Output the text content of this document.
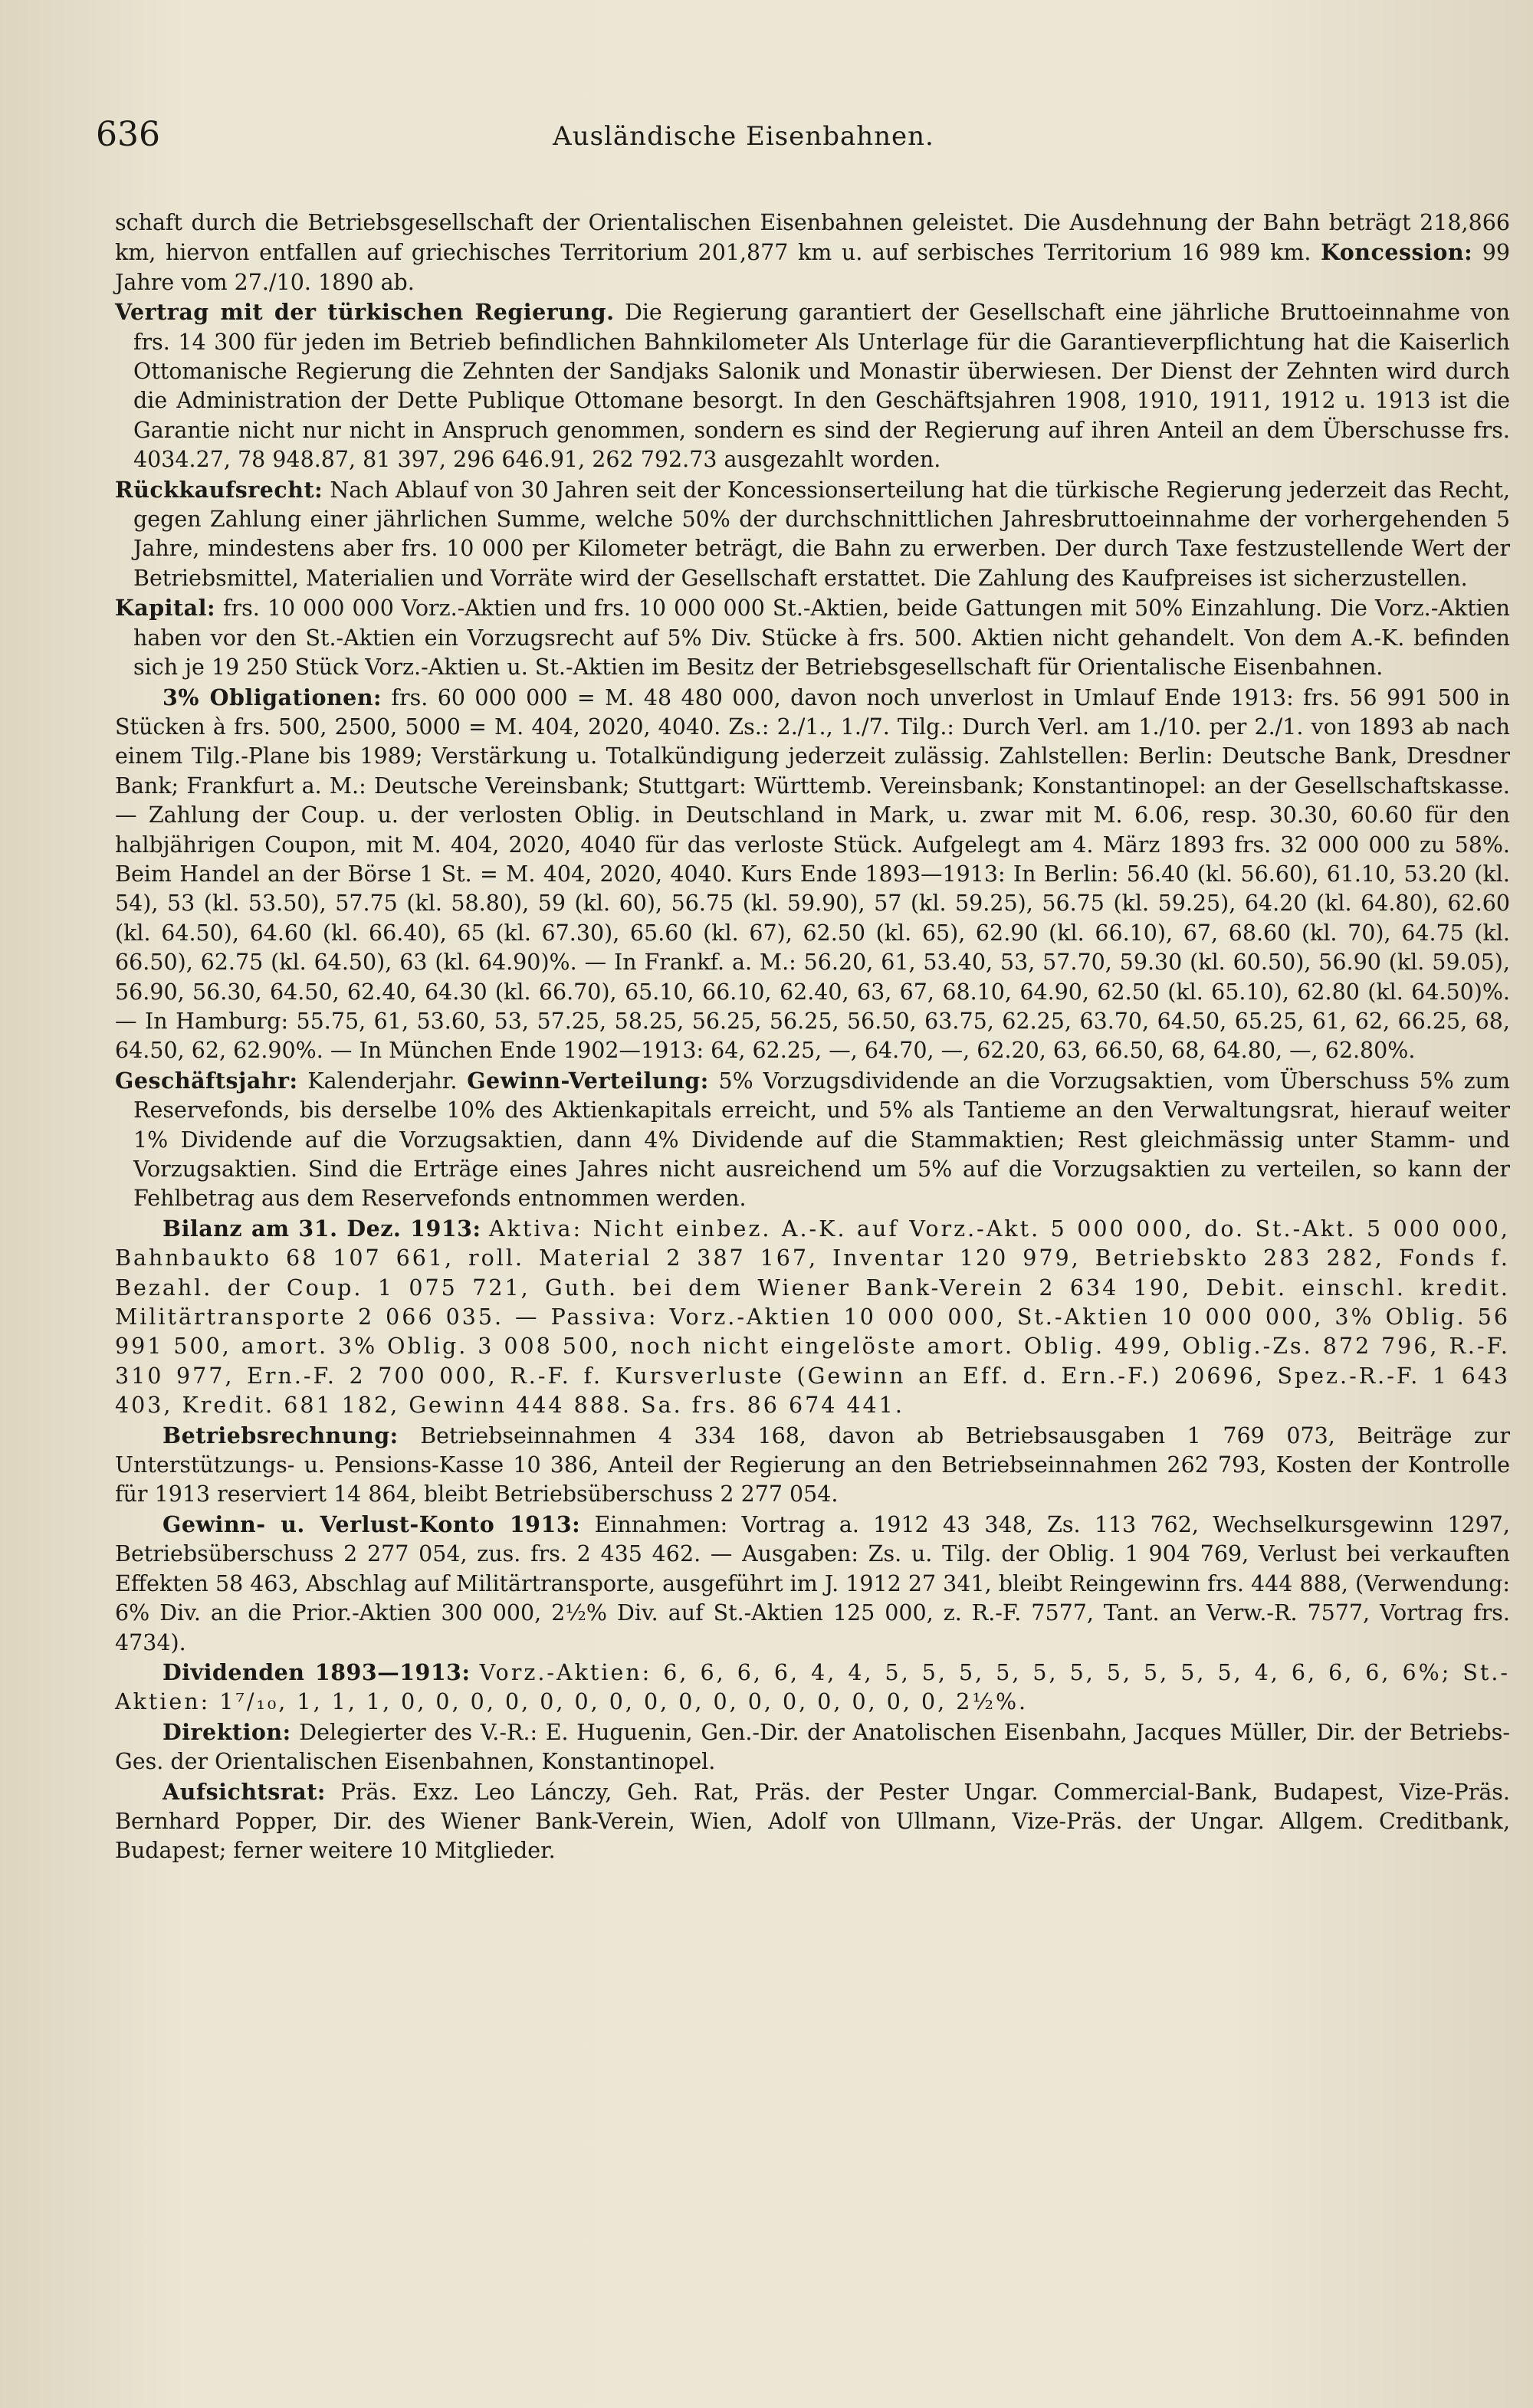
636	Ausländische Eisenbahnen.

schaft durch die Betriebsgesellschaft der Orientalischen Eisenbahnen geleistet. Die Ausdehnung der Bahn beträgt 218,866 km, hiervon entfallen auf griechisches Territorium 201,877 km u. auf serbisches Territorium 16 989 km. Koncession: 99 Jahre vom 27./10. 1890 ab.

Vertrag mit der türkischen Regierung. Die Regierung garantiert der Gesellschaft eine jährliche Bruttoeinnahme von frs. 14 300 für jeden im Betrieb befindlichen Bahnkilometer Als Unterlage für die Garantieverpflichtung hat die Kaiserlich Ottomanische Regierung die Zehnten der Sandjaks Salonik und Monastir überwiesen. Der Dienst der Zehnten wird durch die Administration der Dette Publique Ottomane besorgt. In den Geschäftsjahren 1908, 1910, 1911, 1912 u. 1913 ist die Garantie nicht nur nicht in Anspruch genommen, sondern es sind der Regierung auf ihren Anteil an dem Überschusse frs. 4034.27, 78 948.87, 81 397, 296 646.91, 262 792.73 ausgezahlt worden.

Rückkaufsrecht: Nach Ablauf von 30 Jahren seit der Koncessionserteilung hat die türkische Regierung jederzeit das Recht, gegen Zahlung einer jährlichen Summe, welche 50% der durchschnittlichen Jahresbruttoeinnahme der vorhergehenden 5 Jahre, mindestens aber frs. 10 000 per Kilometer beträgt, die Bahn zu erwerben. Der durch Taxe festzustellende Wert der Betriebsmittel, Materialien und Vorräte wird der Gesellschaft erstattet. Die Zahlung des Kaufpreises ist sicherzustellen.

Kapital: frs. 10 000 000 Vorz.-Aktien und frs. 10 000 000 St.-Aktien, beide Gattungen mit 50% Einzahlung. Die Vorz.-Aktien haben vor den St.-Aktien ein Vorzugsrecht auf 5% Div. Stücke à frs. 500. Aktien nicht gehandelt. Von dem A.-K. befinden sich je 19 250 Stück Vorz.-Aktien u. St.-Aktien im Besitz der Betriebsgesellschaft für Orientalische Eisenbahnen.

3% Obligationen: frs. 60 000 000 = M. 48 480 000, davon noch unverlost in Umlauf Ende 1913: frs. 56 991 500 in Stücken à frs. 500, 2500, 5000 = M. 404, 2020, 4040. Zs.: 2./1., 1./7. Tilg.: Durch Verl. am 1./10. per 2./1. von 1893 ab nach einem Tilg.-Plane bis 1989; Verstärkung u. Totalkündigung jederzeit zulässig. Zahlstellen: Berlin: Deutsche Bank, Dresdner Bank; Frankfurt a. M.: Deutsche Vereinsbank; Stuttgart: Württemb. Vereinsbank; Konstantinopel: an der Gesellschaftskasse. — Zahlung der Coup. u. der verlosten Oblig. in Deutschland in Mark, u. zwar mit M. 6.06, resp. 30.30, 60.60 für den halbjährigen Coupon, mit M. 404, 2020, 4040 für das verloste Stück. Aufgelegt am 4. März 1893 frs. 32 000 000 zu 58%. Beim Handel an der Börse 1 St. = M. 404, 2020, 4040. Kurs Ende 1893—1913: In Berlin: 56.40 (kl. 56.60), 61.10, 53.20 (kl. 54), 53 (kl. 53.50), 57.75 (kl. 58.80), 59 (kl. 60), 56.75 (kl. 59.90), 57 (kl. 59.25), 56.75 (kl. 59.25), 64.20 (kl. 64.80), 62.60 (kl. 64.50), 64.60 (kl. 66.40), 65 (kl. 67.30), 65.60 (kl. 67), 62.50 (kl. 65), 62.90 (kl. 66.10), 67, 68.60 (kl. 70), 64.75 (kl. 66.50), 62.75 (kl. 64.50), 63 (kl. 64.90)%. — In Frankf. a. M.: 56.20, 61, 53.40, 53, 57.70, 59.30 (kl. 60.50), 56.90 (kl. 59.05), 56.90, 56.30, 64.50, 62.40, 64.30 (kl. 66.70), 65.10, 66.10, 62.40, 63, 67, 68.10, 64.90, 62.50 (kl. 65.10), 62.80 (kl. 64.50)%. — In Hamburg: 55.75, 61, 53.60, 53, 57.25, 58.25, 56.25, 56.25, 56.50, 63.75, 62.25, 63.70, 64.50, 65.25, 61, 62, 66.25, 68, 64.50, 62, 62.90%. — In München Ende 1902—1913: 64, 62.25, —, 64.70, —, 62.20, 63, 66.50, 68, 64.80, —, 62.80%.

Geschäftsjahr: Kalenderjahr. Gewinn-Verteilung: 5% Vorzugsdividende an die Vorzugsaktien, vom Überschuss 5% zum Reservefonds, bis derselbe 10% des Aktienkapitals erreicht, und 5% als Tantieme an den Verwaltungsrat, hierauf weiter 1% Dividende auf die Vorzugsaktien, dann 4% Dividende auf die Stammaktien; Rest gleichmässig unter Stamm- und Vorzugsaktien. Sind die Erträge eines Jahres nicht ausreichend um 5% auf die Vorzugsaktien zu verteilen, so kann der Fehlbetrag aus dem Reservefonds entnommen werden.

Bilanz am 31. Dez. 1913: Aktiva: Nicht einbez. A.-K. auf Vorz.-Akt. 5 000 000, do. St.-Akt. 5 000 000, Bahnbaukto 68 107 661, roll. Material 2 387 167, Inventar 120 979, Betriebskto 283 282, Fonds f. Bezahl. der Coup. 1 075 721, Guth. bei dem Wiener Bank-Verein 2 634 190, Debit. einschl. kredit. Militärtransporte 2 066 035. — Passiva: Vorz.-Aktien 10 000 000, St.-Aktien 10 000 000, 3% Oblig. 56 991 500, amort. 3% Oblig. 3 008 500, noch nicht eingelöste amort. Oblig. 499, Oblig.-Zs. 872 796, R.-F. 310 977, Ern.-F. 2 700 000, R.-F. f. Kursverluste (Gewinn an Eff. d. Ern.-F.) 20696, Spez.-R.-F. 1 643 403, Kredit. 681 182, Gewinn 444 888. Sa. frs. 86 674 441.

Betriebsrechnung: Betriebseinnahmen 4 334 168, davon ab Betriebsausgaben 1 769 073, Beiträge zur Unterstützungs- u. Pensions-Kasse 10 386, Anteil der Regierung an den Betriebseinnahmen 262 793, Kosten der Kontrolle für 1913 reserviert 14 864, bleibt Betriebsüberschuss 2 277 054.

Gewinn- u. Verlust-Konto 1913: Einnahmen: Vortrag a. 1912 43 348, Zs. 113 762, Wechselkursgewinn 1297, Betriebsüberschuss 2 277 054, zus. frs. 2 435 462. — Ausgaben: Zs. u. Tilg. der Oblig. 1 904 769, Verlust bei verkauften Effekten 58 463, Abschlag auf Militärtransporte, ausgeführt im J. 1912 27 341, bleibt Reingewinn frs. 444 888, (Verwendung: 6% Div. an die Prior.-Aktien 300 000, 2½% Div. auf St.-Aktien 125 000, z. R.-F. 7577, Tant. an Verw.-R. 7577, Vortrag frs. 4734).

Dividenden 1893—1913: Vorz.-Aktien: 6, 6, 6, 6, 4, 4, 5, 5, 5, 5, 5, 5, 5, 5, 5, 5, 4, 6, 6, 6, 6%; St.-Aktien: 1⁷/₁₀, 1, 1, 1, 0, 0, 0, 0, 0, 0, 0, 0, 0, 0, 0, 0, 0, 0, 0, 0, 2½%.

Direktion: Delegierter des V.-R.: E. Huguenin, Gen.-Dir. der Anatolischen Eisenbahn, Jacques Müller, Dir. der Betriebs-Ges. der Orientalischen Eisenbahnen, Konstantinopel.

Aufsichtsrat: Präs. Exz. Leo Lánczy, Geh. Rat, Präs. der Pester Ungar. Commercial-Bank, Budapest, Vize-Präs. Bernhard Popper, Dir. des Wiener Bank-Verein, Wien, Adolf von Ullmann, Vize-Präs. der Ungar. Allgem. Creditbank, Budapest; ferner weitere 10 Mitglieder.
